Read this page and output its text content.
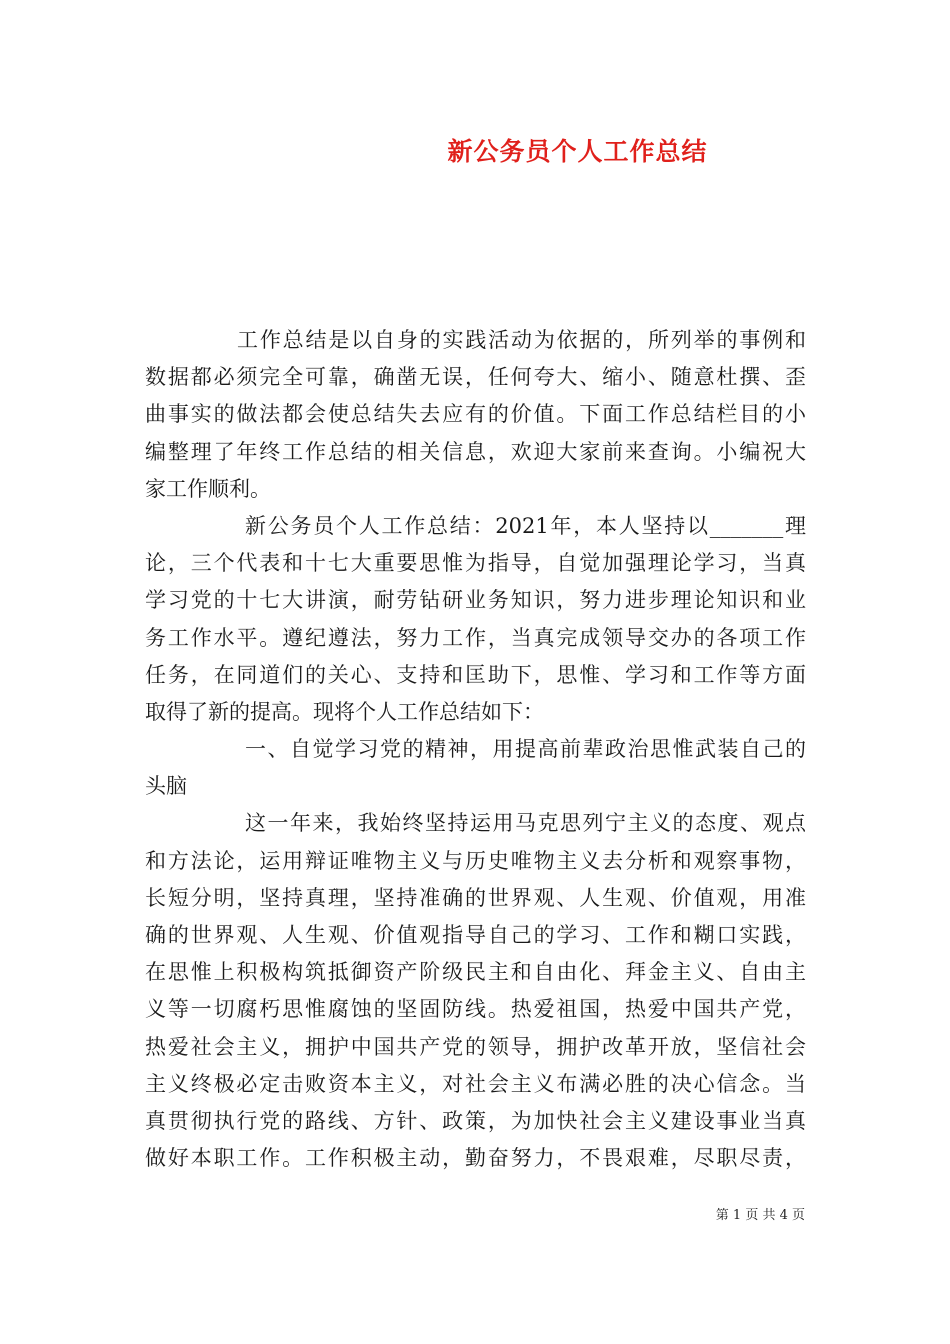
新公务员个人工作总结
工作总结是以自身的实践活动为依据的，所列举的事例和
数据都必须完全可靠，确凿无误，任何夸大、缩小、随意杜撰、歪
曲事实的做法都会使总结失去应有的价值。下面工作总结栏目的小
编整理了年终工作总结的相关信息，欢迎大家前来查询。小编祝大
家工作顺利。
新公务员个人工作总结：2021年，本人坚持以_______理
论，三个代表和十七大重要思惟为指导，自觉加强理论学习，当真
学习党的十七大讲演，耐劳钻研业务知识，努力进步理论知识和业
务工作水平。遵纪遵法，努力工作，当真完成领导交办的各项工作
任务，在同道们的关心、支持和匡助下，思惟、学习和工作等方面
取得了新的提高。现将个人工作总结如下：
一、自觉学习党的精神，用提高前辈政治思惟武装自己的
头脑
这一年来，我始终坚持运用马克思列宁主义的态度、观点
和方法论，运用辩证唯物主义与历史唯物主义去分析和观察事物，
长短分明，坚持真理，坚持准确的世界观、人生观、价值观，用准
确的世界观、人生观、价值观指导自己的学习、工作和糊口实践，
在思惟上积极构筑抵御资产阶级民主和自由化、拜金主义、自由主
义等一切腐朽思惟腐蚀的坚固防线。热爱祖国，热爱中国共产党，
热爱社会主义，拥护中国共产党的领导，拥护改革开放，坚信社会
主义终极必定击败资本主义，对社会主义布满必胜的决心信念。当
真贯彻执行党的路线、方针、政策，为加快社会主义建设事业当真
做好本职工作。工作积极主动，勤奋努力，不畏艰难，尽职尽责，
第 1 页 共 4 页
